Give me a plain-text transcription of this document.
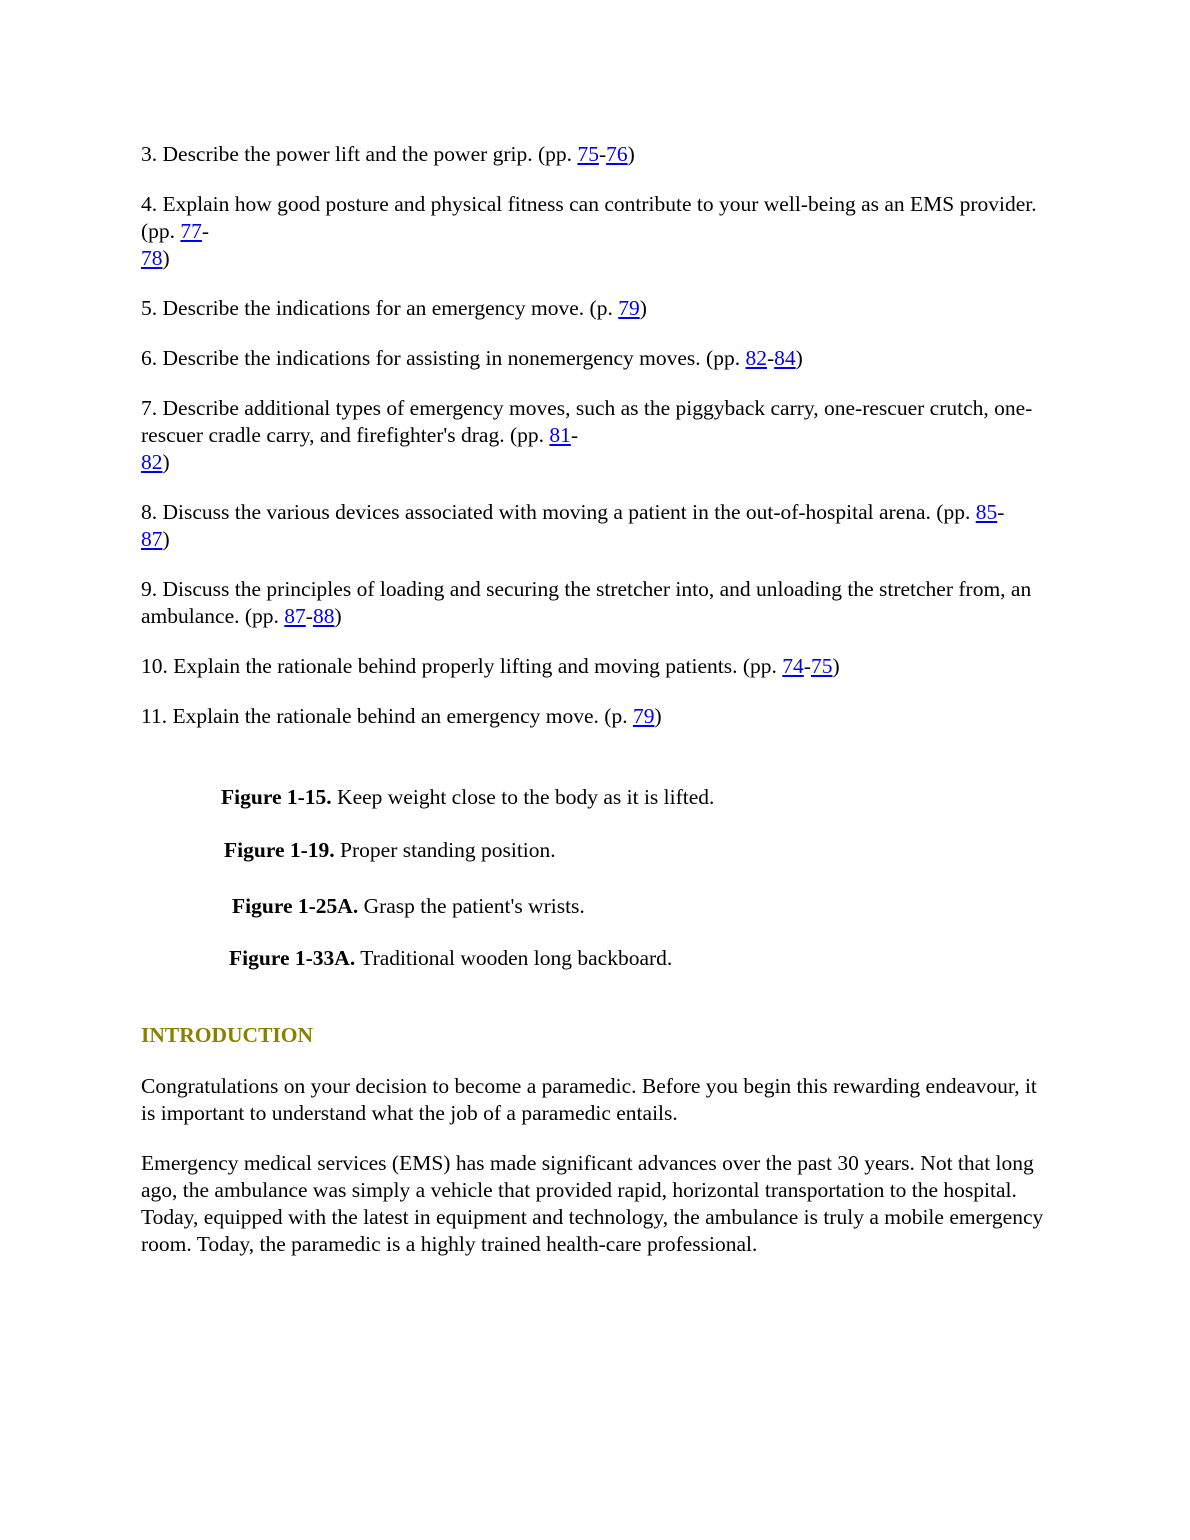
3. Describe the power lift and the power grip. (pp. 75-76)

4. Explain how good posture and physical fitness can contribute to your well-being as an EMS provider. (pp. 77-
78)

5. Describe the indications for an emergency move. (p. 79)

6. Describe the indications for assisting in nonemergency moves. (pp. 82-84)

7. Describe additional types of emergency moves, such as the piggyback carry, one-rescuer crutch, one-rescuer cradle carry, and firefighter's drag. (pp. 81-
82)

8. Discuss the various devices associated with moving a patient in the out-of-hospital arena. (pp. 85-
87)

9. Discuss the principles of loading and securing the stretcher into, and unloading the stretcher from, an ambulance. (pp. 87-88)

10. Explain the rationale behind properly lifting and moving patients. (pp. 74-75)

11. Explain the rationale behind an emergency move. (p. 79)

Figure 1-15. Keep weight close to the body as it is lifted.

Figure 1-19. Proper standing position.

Figure 1-25A. Grasp the patient's wrists.

Figure 1-33A. Traditional wooden long backboard.

INTRODUCTION

Congratulations on your decision to become a paramedic. Before you begin this rewarding endeavour, it is important to understand what the job of a paramedic entails.

Emergency medical services (EMS) has made significant advances over the past 30 years. Not that long ago, the ambulance was simply a vehicle that provided rapid, horizontal transportation to the hospital. Today, equipped with the latest in equipment and technology, the ambulance is truly a mobile emergency room. Today, the paramedic is a highly trained health-care professional.
